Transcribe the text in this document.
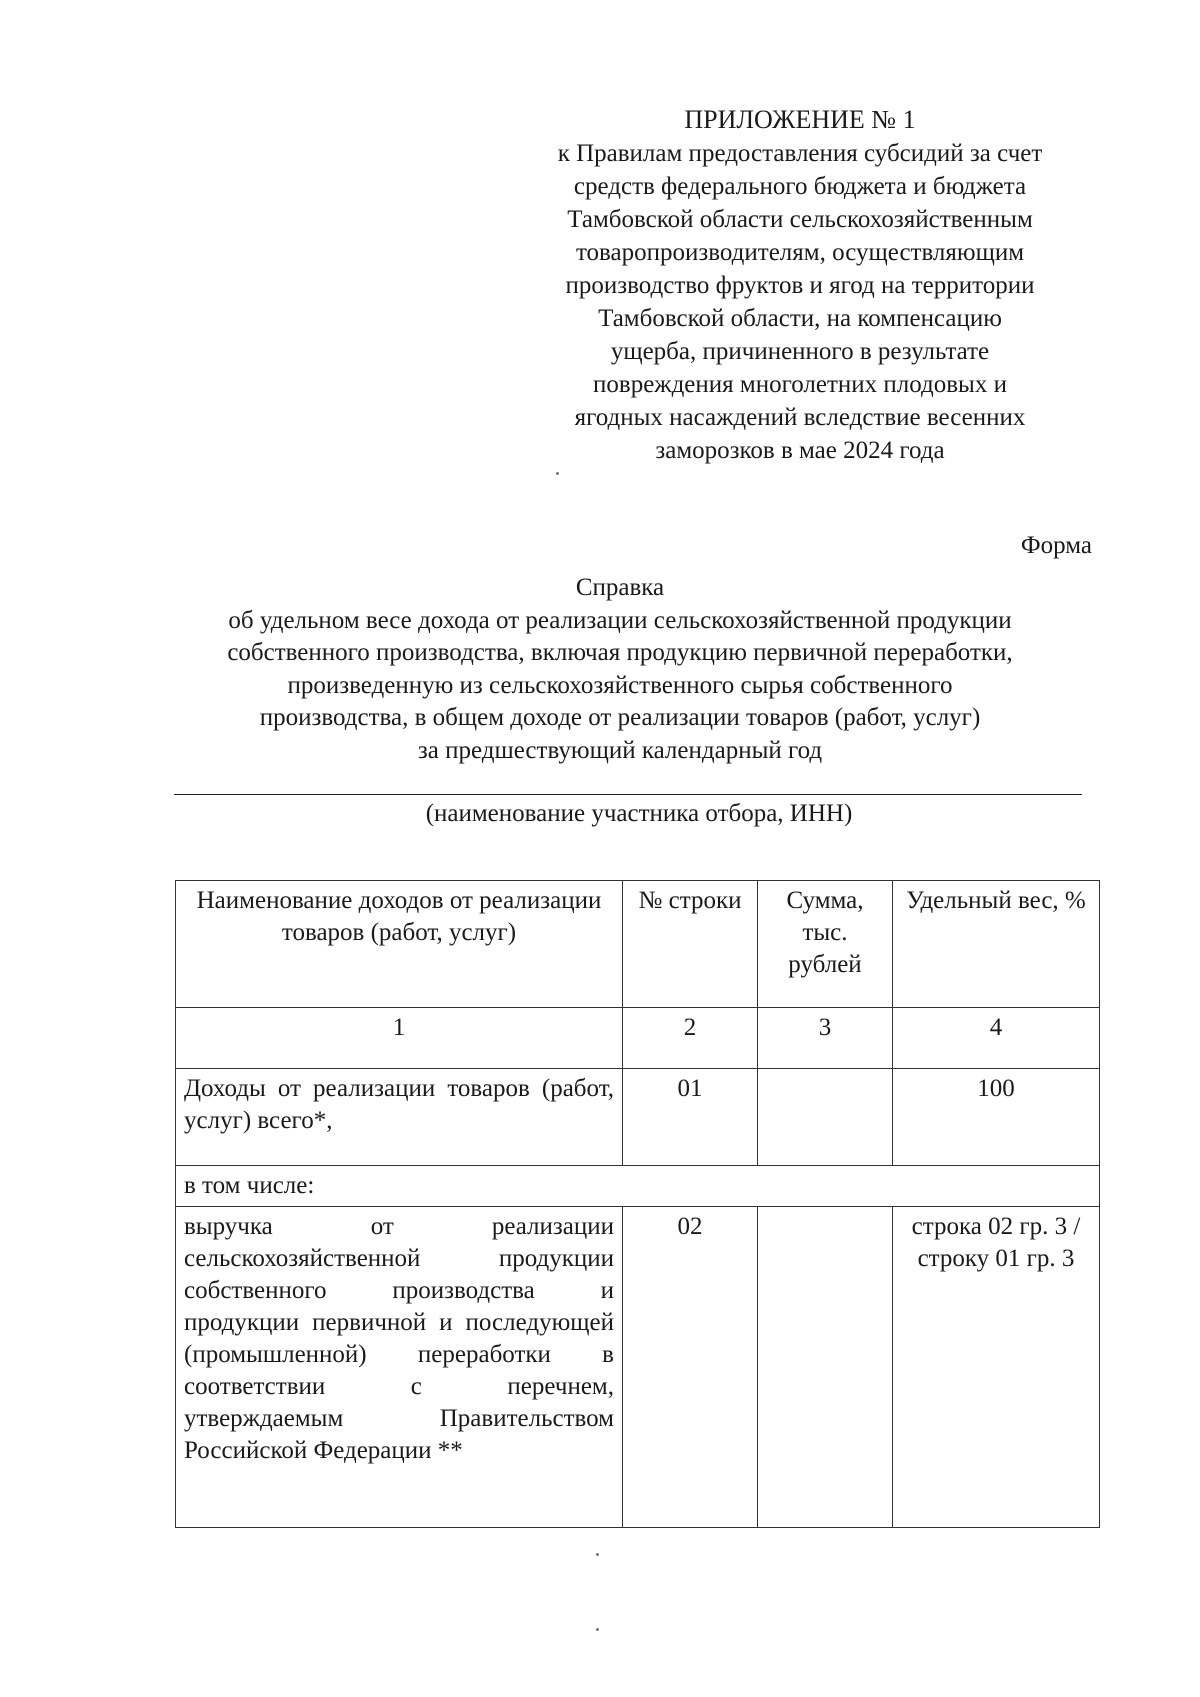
ПРИЛОЖЕНИЕ № 1
к Правилам предоставления субсидий за счет
средств федерального бюджета и бюджета
Тамбовской области сельскохозяйственным
товаропроизводителям, осуществляющим
производство фруктов и ягод на территории
Тамбовской области, на компенсацию
ущерба, причиненного в результате
повреждения многолетних плодовых и
ягодных насаждений вследствие весенних
заморозков в мае 2024 года
Форма
Справка
об удельном весе дохода от реализации сельскохозяйственной продукции
собственного производства, включая продукцию первичной переработки,
произведенную из сельскохозяйственного сырья собственного
производства, в общем доходе от реализации товаров (работ, услуг)
за предшествующий календарный год
(наименование участника отбора, ИНН)
Наименование доходов от реализации товаров (работ, услуг)	№ строки	Сумма, тыс. рублей	Удельный вес, %
1	2	3	4
Доходы от реализации товаров (работ, услуг) всего*,	01		100
в том числе:			
выручка от реализации сельскохозяйственной продукции собственного производства и продукции первичной и последующей (промышленной) переработки в соответствии с перечнем, утверждаемым Правительством Российской Федерации **	02		строка 02 гр. 3 / строку 01 гр. 3
